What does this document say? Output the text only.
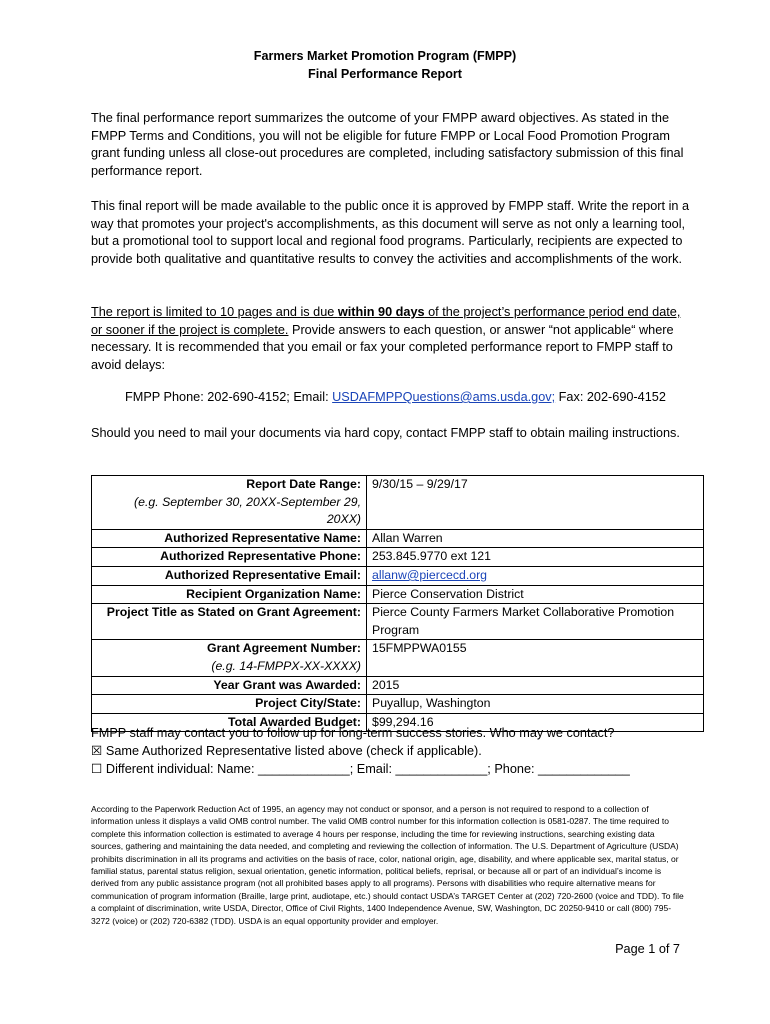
Farmers Market Promotion Program (FMPP)
Final Performance Report

The final performance report summarizes the outcome of your FMPP award objectives. As stated in the FMPP Terms and Conditions, you will not be eligible for future FMPP or Local Food Promotion Program grant funding unless all close-out procedures are completed, including satisfactory submission of this final performance report.

This final report will be made available to the public once it is approved by FMPP staff. Write the report in a way that promotes your project's accomplishments, as this document will serve as not only a learning tool, but a promotional tool to support local and regional food programs. Particularly, recipients are expected to provide both qualitative and quantitative results to convey the activities and accomplishments of the work.

The report is limited to 10 pages and is due within 90 days of the project’s performance period end date, or sooner if the project is complete. Provide answers to each question, or answer “not applicable“ where necessary. It is recommended that you email or fax your completed performance report to FMPP staff to avoid delays:

FMPP Phone: 202-690-4152; Email: USDAFMPPQuestions@ams.usda.gov; Fax: 202-690-4152

Should you need to mail your documents via hard copy, contact FMPP staff to obtain mailing instructions.

Report Date Range:
(e.g. September 30, 20XX-September 29, 20XX)	9/30/15 – 9/29/17
Authorized Representative Name:	Allan Warren
Authorized Representative Phone:	253.845.9770 ext 121
Authorized Representative Email:	allanw@piercecd.org
Recipient Organization Name:	Pierce Conservation District
Project Title as Stated on Grant Agreement:	Pierce County Farmers Market Collaborative Promotion Program

Grant Agreement Number:
(e.g. 14-FMPPX-XX-XXXX)	15FMPPWA0155
Year Grant was Awarded:	2015
Project City/State:	Puyallup, Washington
Total Awarded Budget:	$99,294.16
FMPP staff may contact you to follow up for long-term success stories. Who may we contact?
☒ Same Authorized Representative listed above (check if applicable).
☐ Different individual: Name: _____________; Email: _____________; Phone: _____________

According to the Paperwork Reduction Act of 1995, an agency may not conduct or sponsor, and a person is not required to respond to a collection of information unless it displays a valid OMB control number. The valid OMB control number for this information collection is 0581-0287. The time required to complete this information collection is estimated to average 4 hours per response, including the time for reviewing instructions, searching existing data sources, gathering and maintaining the data needed, and completing and reviewing the collection of information. The U.S. Department of Agriculture (USDA) prohibits discrimination in all its programs and activities on the basis of race, color, national origin, age, disability, and where applicable sex, marital status, or familial status, parental status religion, sexual orientation, genetic information, political beliefs, reprisal, or because all or part of an individual’s income is derived from any public assistance program (not all prohibited bases apply to all programs). Persons with disabilities who require alternative means for communication of program information (Braille, large print, audiotape, etc.) should contact USDA’s TARGET Center at (202) 720-2600 (voice and TDD). To file a complaint of discrimination, write USDA, Director, Office of Civil Rights, 1400 Independence Avenue, SW, Washington, DC 20250-9410 or call (800) 795-3272 (voice) or (202) 720-6382 (TDD). USDA is an equal opportunity provider and employer.

Page 1 of 7
